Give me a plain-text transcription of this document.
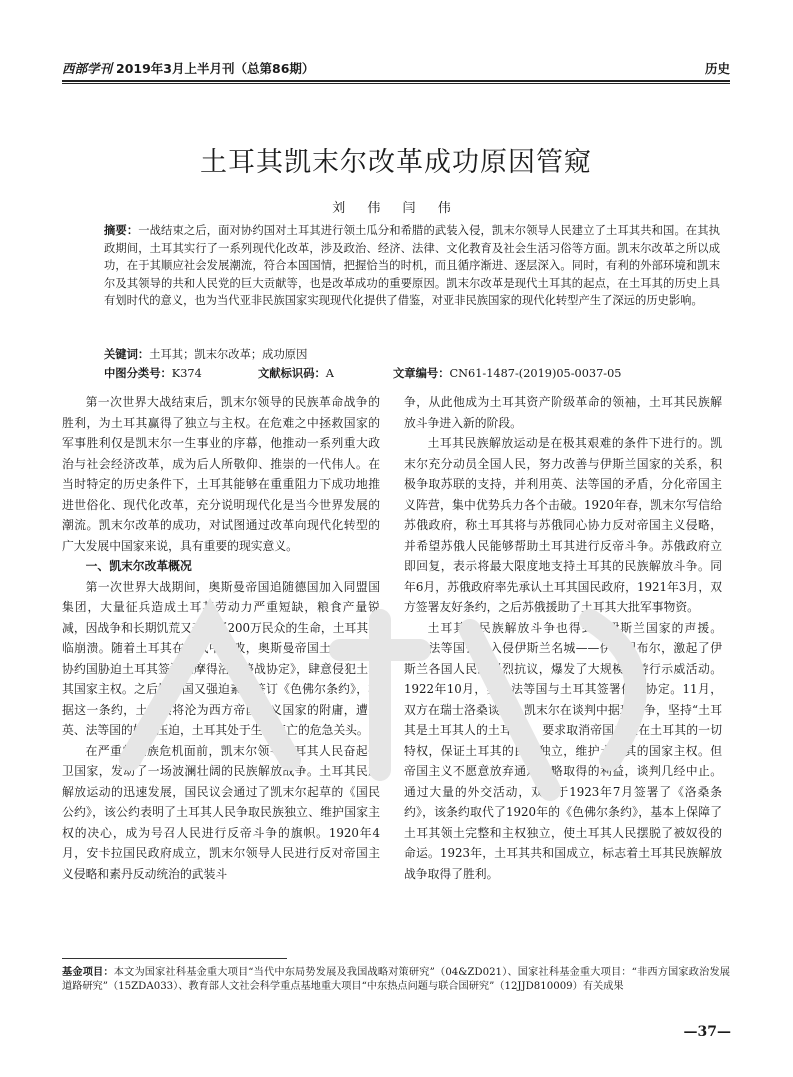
西部学刊 2019年3月上半月刊（总第86期）	历史
土耳其凯末尔改革成功原因管窥
刘 伟 闫 伟
摘要：一战结束之后，面对协约国对土耳其进行领土瓜分和希腊的武装入侵，凯末尔领导人民建立了土耳其共和国。在其执政期间，土耳其实行了一系列现代化改革，涉及政治、经济、法律、文化教育及社会生活习俗等方面。凯末尔改革之所以成功，在于其顺应社会发展潮流，符合本国国情，把握恰当的时机，而且循序渐进、逐层深入。同时，有利的外部环境和凯末尔及其领导的共和人民党的巨大贡献等，也是改革成功的重要原因。凯末尔改革是现代土耳其的起点，在土耳其的历史上具有划时代的意义，也为当代亚非民族国家实现现代化提供了借鉴，对亚非民族国家的现代化转型产生了深远的历史影响。
关键词：土耳其；凯末尔改革；成功原因
中图分类号：K374	文献标识码：A	文章编号：CN61-1487-(2019)05-0037-05

第一次世界大战结束后，凯末尔领导的民族革命战争的胜利，为土耳其赢得了独立与主权。在危难之中拯救国家的军事胜利仅是凯末尔一生事业的序幕，他推动一系列重大政治与社会经济改革，成为后人所敬仰、推崇的一代伟人。在当时特定的历史条件下，土耳其能够在重重阻力下成功地推进世俗化、现代化改革，充分说明现代化是当今世界发展的潮流。凯末尔改革的成功，对试图通过改革向现代化转型的广大发展中国家来说，具有重要的现实意义。

一、凯末尔改革概况

第一次世界大战期间，奥斯曼帝国追随德国加入同盟国集团，大量征兵造成土耳其劳动力严重短缺，粮食产量锐减，因战争和长期饥荒又夺走了200万民众的生命，土耳其濒临崩溃。随着土耳其在一战中惨败，奥斯曼帝国土崩瓦解，协约国胁迫土耳其签订《摩得洛斯停战协定》，肆意侵犯土耳其国家主权。之后协约国又强迫素丹签订《色佛尔条约》，根据这一条约，土耳其将沦为西方帝国主义国家的附庸，遭受英、法等国的奴役压迫，土耳其处于生死存亡的危急关头。

在严重的民族危机面前，凯末尔领导土耳其人民奋起保卫国家，发动了一场波澜壮阔的民族解放战争。土耳其民族解放运动的迅速发展，国民议会通过了凯末尔起草的《国民公约》，该公约表明了土耳其人民争取民族独立、维护国家主权的决心，成为号召人民进行反帝斗争的旗帜。1920年4月，安卡拉国民政府成立，凯末尔领导人民进行反对帝国主义侵略和素丹反动统治的武装斗

争，从此他成为土耳其资产阶级革命的领袖，土耳其民族解放斗争进入新的阶段。

土耳其民族解放运动是在极其艰难的条件下进行的。凯末尔充分动员全国人民，努力改善与伊斯兰国家的关系，积极争取苏联的支持，并利用英、法等国的矛盾，分化帝国主义阵营，集中优势兵力各个击破。1920年春，凯末尔写信给苏俄政府，称土耳其将与苏俄同心协力反对帝国主义侵略，并希望苏俄人民能够帮助土耳其进行反帝斗争。苏俄政府立即回复，表示将最大限度地支持土耳其的民族解放斗争。同年6月，苏俄政府率先承认土耳其国民政府，1921年3月，双方签署友好条约，之后苏俄援助了土耳其大批军事物资。

土耳其的民族解放斗争也得到了伊斯兰国家的声援。英、法等国公然入侵伊斯兰名城——伊斯坦布尔，激起了伊斯兰各国人民的强烈抗议，爆发了大规模的游行示威活动。1922年10月，英、法等国与土耳其签署停战协定。11月，双方在瑞士洛桑谈判，凯末尔在谈判中据理力争，坚持“土耳其是土耳其人的土耳其”，要求取消帝国主义在土耳其的一切特权，保证土耳其的民族独立，维护土耳其的国家主权。但帝国主义不愿意放弃通过侵略取得的利益，谈判几经中止。通过大量的外交活动，双方于1923年7月签署了《洛桑条约》，该条约取代了1920年的《色佛尔条约》，基本上保障了土耳其领土完整和主权独立，使土耳其人民摆脱了被奴役的命运。1923年，土耳其共和国成立，标志着土耳其民族解放战争取得了胜利。

基金项目：本文为国家社科基金重大项目“当代中东局势发展及我国战略对策研究”（04&ZD021）、国家社科基金重大项目：“非西方国家政治发展道路研究”（15ZDA033）、教育部人文社会科学重点基地重大项目“中东热点问题与联合国研究”（12JJD810009）有关成果
—37—
